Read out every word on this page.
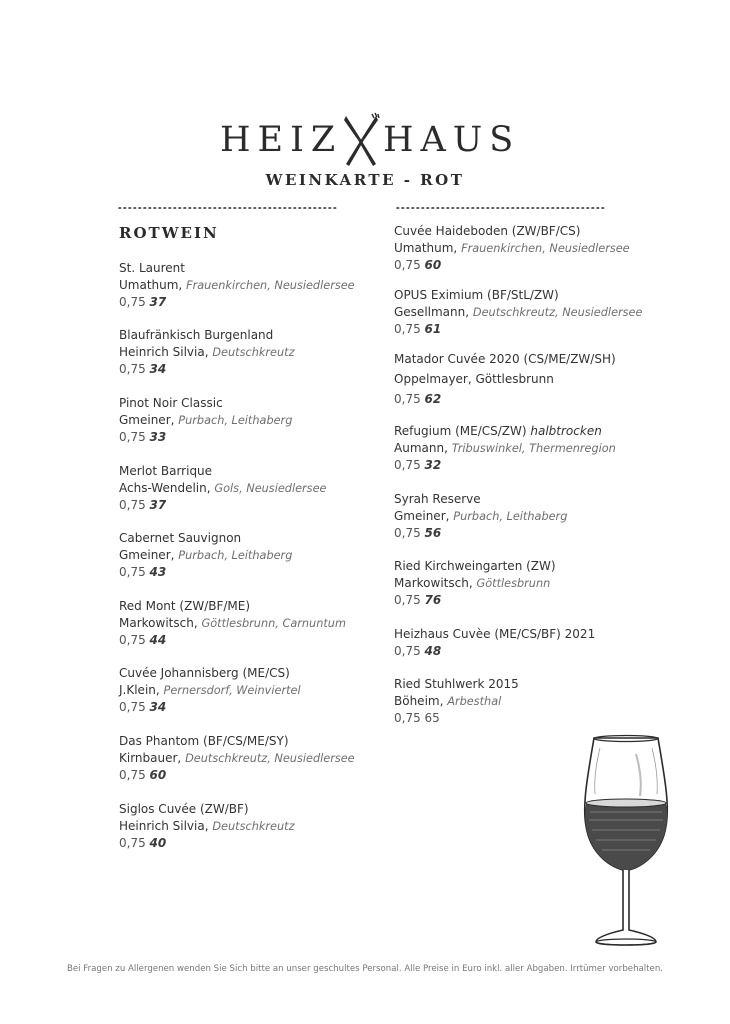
HEIZ HAUS
WEINKARTE - ROT
ROTWEIN
St. Laurent
Umathum, Frauenkirchen, Neusiedlersee
0,75 37
Blaufränkisch Burgenland
Heinrich Silvia, Deutschkreutz
0,75 34
Pinot Noir Classic
Gmeiner, Purbach, Leithaberg
0,75 33
Merlot Barrique
Achs-Wendelin, Gols, Neusiedlersee
0,75 37
Cabernet Sauvignon
Gmeiner, Purbach, Leithaberg
0,75 43
Red Mont (ZW/BF/ME)
Markowitsch, Göttlesbrunn, Carnuntum
0,75 44
Cuvée Johannisberg (ME/CS)
J.Klein, Pernersdorf, Weinviertel
0,75 34
Das Phantom (BF/CS/ME/SY)
Kirnbauer, Deutschkreutz, Neusiedlersee
0,75 60
Siglos Cuvée (ZW/BF)
Heinrich Silvia, Deutschkreutz
0,75 40
Cuvée Haideboden (ZW/BF/CS)
Umathum, Frauenkirchen, Neusiedlersee
0,75 60
OPUS Eximium (BF/StL/ZW)
Gesellmann, Deutschkreutz, Neusiedlersee
0,75 61
Matador Cuvée 2020 (CS/ME/ZW/SH)
Oppelmayer, Göttlesbrunn
0,75 62
Refugium (ME/CS/ZW) halbtrocken
Aumann, Tribuswinkel, Thermenregion
0,75 32
Syrah Reserve
Gmeiner, Purbach, Leithaberg
0,75 56
Ried Kirchweingarten (ZW)
Markowitsch, Göttlesbrunn
0,75 76
Heizhaus Cuvèe (ME/CS/BF) 2021
0,75 48
Ried Stuhlwerk 2015
Böheim, Arbesthal
0,75 65
Bei Fragen zu Allergenen wenden Sie Sich bitte an unser geschultes Personal. Alle Preise in Euro inkl. aller Abgaben. Irrtümer vorbehalten.
